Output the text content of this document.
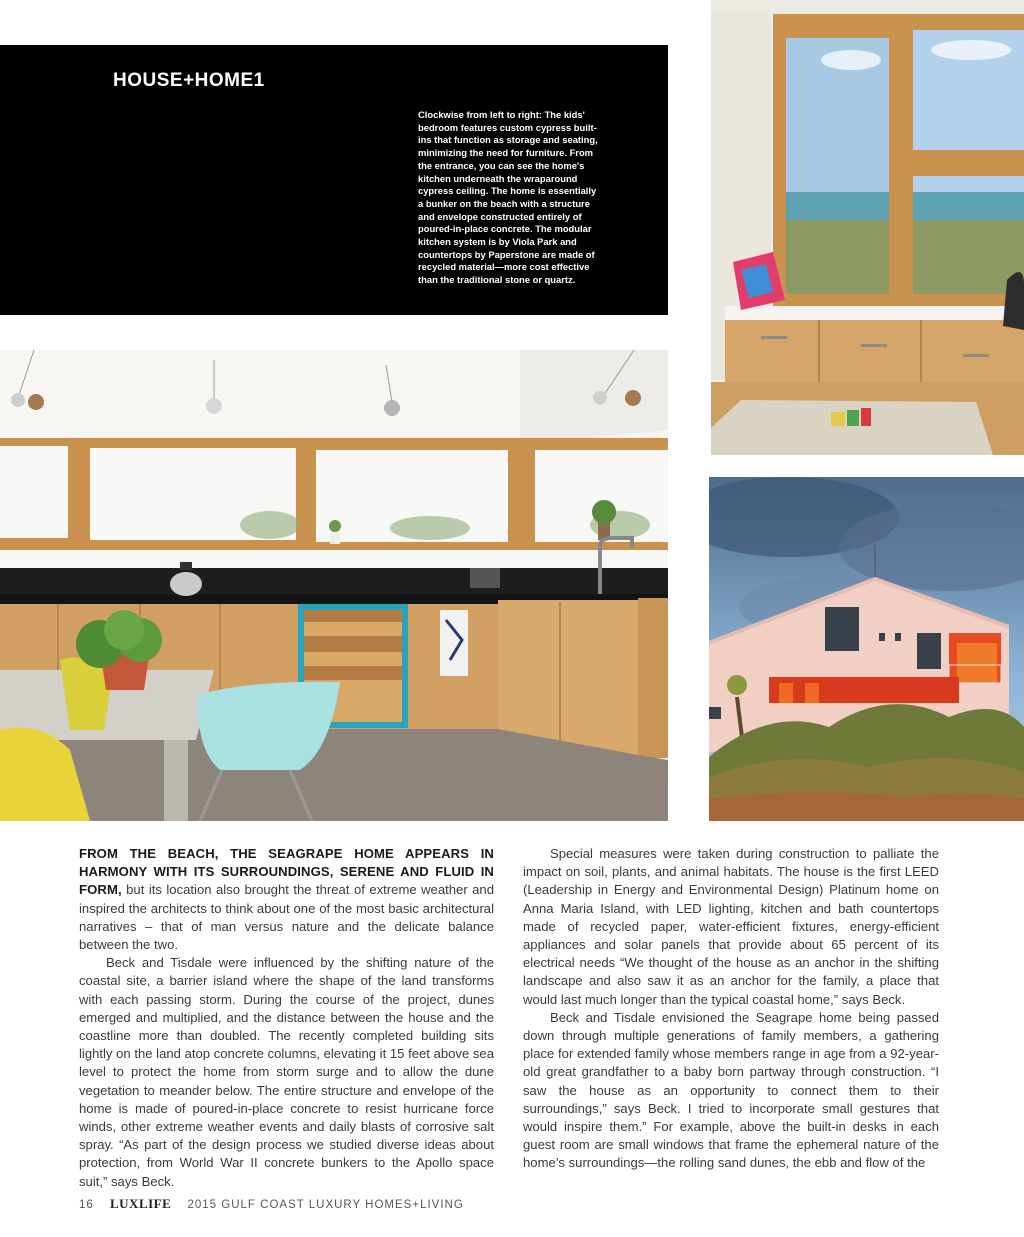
HOUSE+HOME1
Clockwise from left to right: The kids' bedroom features custom cypress built-ins that function as storage and seating, minimizing the need for furniture. From the entrance, you can see the home's kitchen underneath the wraparound cypress ceiling. The home is essentially a bunker on the beach with a structure and envelope constructed entirely of poured-in-place concrete. The modular kitchen system is by Viola Park and countertops by Paperstone are made of recycled material—more cost effective than the traditional stone or quartz.

FROM THE BEACH, THE SEAGRAPE HOME APPEARS IN HARMONY WITH ITS SURROUNDINGS, SERENE AND FLUID IN FORM, but its location also brought the threat of extreme weather and inspired the architects to think about one of the most basic architectural narratives – that of man versus nature and the delicate balance between the two.

Beck and Tisdale were influenced by the shifting nature of the coastal site, a barrier island where the shape of the land transforms with each passing storm. During the course of the project, dunes emerged and multiplied, and the distance between the house and the coastline more than doubled. The recently completed building sits lightly on the land atop concrete columns, elevating it 15 feet above sea level to protect the home from storm surge and to allow the dune vegetation to meander below. The entire structure and envelope of the home is made of poured-in-place concrete to resist hurricane force winds, other extreme weather events and daily blasts of corrosive salt spray. “As part of the design process we studied diverse ideas about protection, from World War II concrete bunkers to the Apollo space suit,” says Beck.

Special measures were taken during construction to palliate the impact on soil, plants, and animal habitats. The house is the first LEED (Leadership in Energy and Environmental Design) Platinum home on Anna Maria Island, with LED lighting, kitchen and bath countertops made of recycled paper, water-efficient fixtures, energy-efficient appliances and solar panels that provide about 65 percent of its electrical needs “We thought of the house as an anchor in the shifting landscape and also saw it as an anchor for the family, a place that would last much longer than the typical coastal home,” says Beck.

Beck and Tisdale envisioned the Seagrape home being passed down through multiple generations of family members, a gathering place for extended family whose members range in age from a 92-year-old great grandfather to a baby born partway through construction. “I saw the house as an opportunity to connect them to their surroundings,” says Beck. I tried to incorporate small gestures that would inspire them.” For example, above the built-in desks in each guest room are small windows that frame the ephemeral nature of the home’s surroundings—the rolling sand dunes, the ebb and flow of the

16 LUXLIFE 2015 GULF COAST LUXURY HOMES+LIVING
